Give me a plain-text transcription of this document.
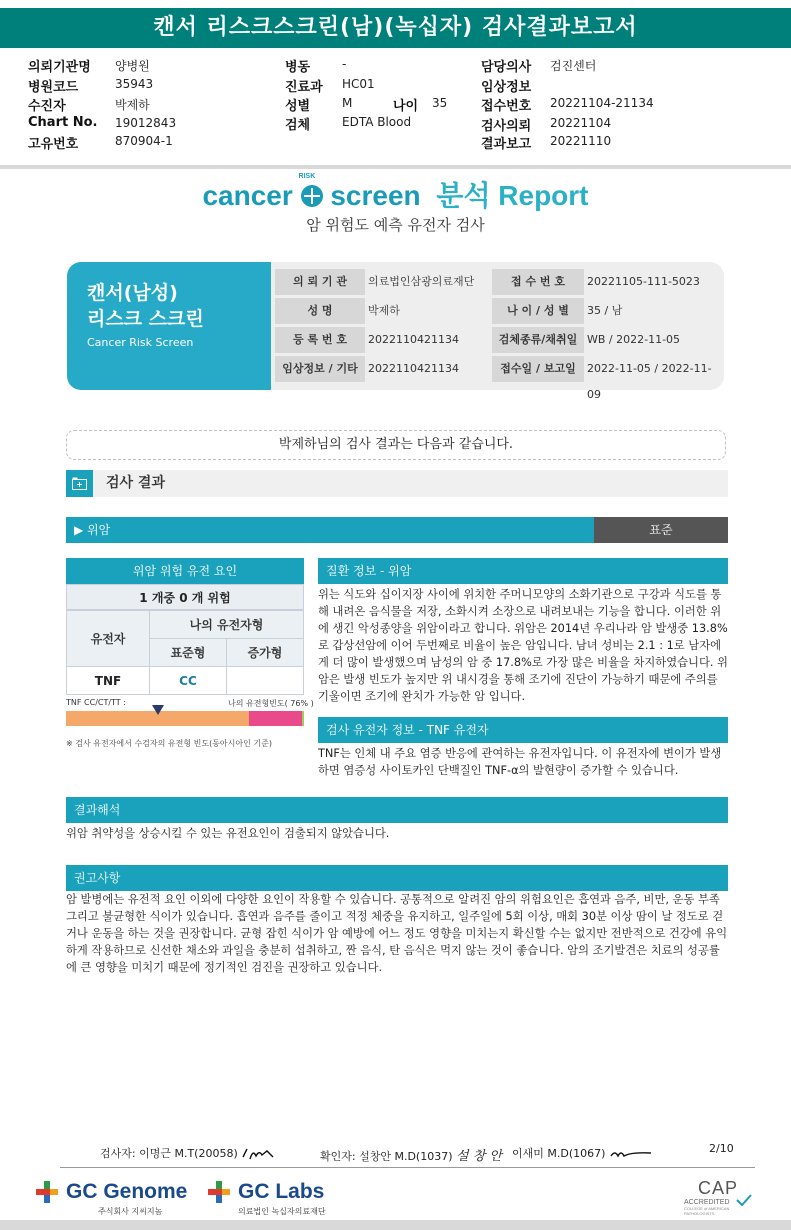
캔서 리스크스크린(남)(녹십자) 검사결과보고서
의뢰기관명 양병원
병원코드	35943
수진자	박제하
Chart No. 19012843
고유번호	870904-1
병동	-
진료과 HC01
성별	M	나이 35
검체	EDTA Blood
담당의사 검진센터
임상정보
접수번호 20221104-21134
검사의뢰 20221104
결과보고 20221110
cancer
RISK
screen 분석 Report
암 위험도 예측 유전자 검사
캔서(남성)
리스크 스크린
Cancer Risk Screen
의 뢰 기 관	의료법인삼광의료재단	접 수 번 호	20221105-111-5023
성 명	박제하	나 이 / 성 별	35 / 남
등 록 번 호	2022110421134	검체종류/채취일 WB / 2022-11-05
임상정보 / 기타 2022110421134	접수일 / 보고일	2022-11-05 / 2022-11-09
박제하님의 검사 결과는 다음과 같습니다.
검사 결과
▶ 위암	표준
위암 위험 유전 요인
1 개중 0 개 위험
유전자	나의 유전자형	
	표준형	증가형
TNF	CC	
TNF CC/CT/TT :	나의 유전형빈도( 76% )
※ 검사 유전자에서 수검자의 유전형 빈도(동아시아인 기준)
질환 정보 - 위암
위는 식도와 십이지장 사이에 위치한 주머니모양의 소화기관으로 구강과 식도를 통해 내려온 음식물을 저장, 소화시켜 소장으로 내려보내는 기능을 합니다. 이러한 위에 생긴 악성종양을 위암이라고 합니다. 위암은 2014년 우리나라 암 발생중 13.8%로 갑상선암에 이어 두번째로 비율이 높은 암입니다. 남녀 성비는 2.1 : 1로 남자에게 더 많이 발생했으며 남성의 암 중 17.8%로 가장 많은 비율을 차지하였습니다. 위암은 발생 빈도가 높지만 위 내시경을 통해 조기에 진단이 가능하기 때문에 주의를 기울이면 조기에 완치가 가능한 암 입니다.
검사 유전자 정보 - TNF 유전자
TNF는 인체 내 주요 염증 반응에 관여하는 유전자입니다. 이 유전자에 변이가 발생하면 염증성 사이토카인 단백질인 TNF-α의 발현량이 증가할 수 있습니다.
결과해석
위암 취약성을 상승시킬 수 있는 유전요인이 검출되지 않았습니다.
권고사항
암 발병에는 유전적 요인 이외에 다양한 요인이 작용할 수 있습니다. 공통적으로 알려진 암의 위험요인은 흡연과 음주, 비만, 운동 부족 그리고 불균형한 식이가 있습니다. 흡연과 음주를 줄이고 적정 체중을 유지하고, 일주일에 5회 이상, 매회 30분 이상 땀이 날 정도로 걷거나 운동을 하는 것을 권장합니다. 균형 잡힌 식이가 암 예방에 어느 정도 영향을 미치는지 확신할 수는 없지만 전반적으로 건강에 유익하게 작용하므로 신선한 채소와 과일을 충분히 섭취하고, 짠 음식, 탄 음식은 먹지 않는 것이 좋습니다. 암의 조기발견은 치료의 성공률에 큰 영향을 미치기 때문에 정기적인 검진을 권장하고 있습니다.
검사자: 이명근 M.T(20058)	확인자: 설창안 M.D(1037) 설 창 안 이새미 M.D(1067)	2/10
GC Genome
주식회사 지씨지놈
GC Labs
의료법인 녹십자의료재단
CAP
ACCREDITED
COLLEGE of AMERICAN PATHOLOGISTS
